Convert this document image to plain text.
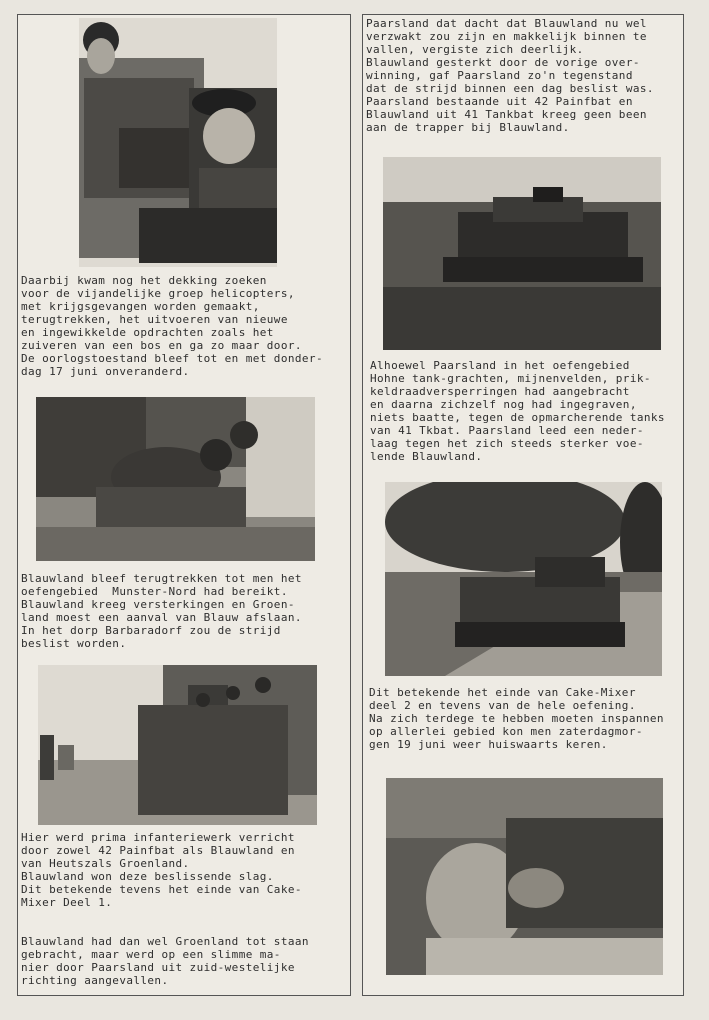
Daarbij kwam nog het dekking zoeken
voor de vijandelijke groep helicopters,
met krijgsgevangen worden gemaakt,
terugtrekken, het uitvoeren van nieuwe
en ingewikkelde opdrachten zoals het
zuiveren van een bos en ga zo maar door.
De oorlogstoestand bleef tot en met donder-
dag 17 juni onveranderd.
Blauwland bleef terugtrekken tot men het
oefengebied  Munster-Nord had bereikt.
Blauwland kreeg versterkingen en Groen-
land moest een aanval van Blauw afslaan.
In het dorp Barbaradorf zou de strijd
beslist worden.
Hier werd prima infanteriewerk verricht
door zowel 42 Painfbat als Blauwland en
van Heutszals Groenland.
Blauwland won deze beslissende slag.
Dit betekende tevens het einde van Cake-
Mixer Deel 1.
Blauwland had dan wel Groenland tot staan
gebracht, maar werd op een slimme ma-
nier door Paarsland uit zuid-westelijke
richting aangevallen.
Paarsland dat dacht dat Blauwland nu wel
verzwakt zou zijn en makkelijk binnen te
vallen, vergiste zich deerlijk.
Blauwland gesterkt door de vorige over-
winning, gaf Paarsland zo'n tegenstand
dat de strijd binnen een dag beslist was.
Paarsland bestaande uit 42 Painfbat en
Blauwland uit 41 Tankbat kreeg geen been
aan de trapper bij Blauwland.
Alhoewel Paarsland in het oefengebied
Hohne tank-grachten, mijnenvelden, prik-
keldraadversperringen had aangebracht
en daarna zichzelf nog had ingegraven,
niets baatte, tegen de opmarcherende tanks
van 41 Tkbat. Paarsland leed een neder-
laag tegen het zich steeds sterker voe-
lende Blauwland.
Dit betekende het einde van Cake-Mixer
deel 2 en tevens van de hele oefening.
Na zich terdege te hebben moeten inspannen
op allerlei gebied kon men zaterdagmor-
gen 19 juni weer huiswaarts keren.
